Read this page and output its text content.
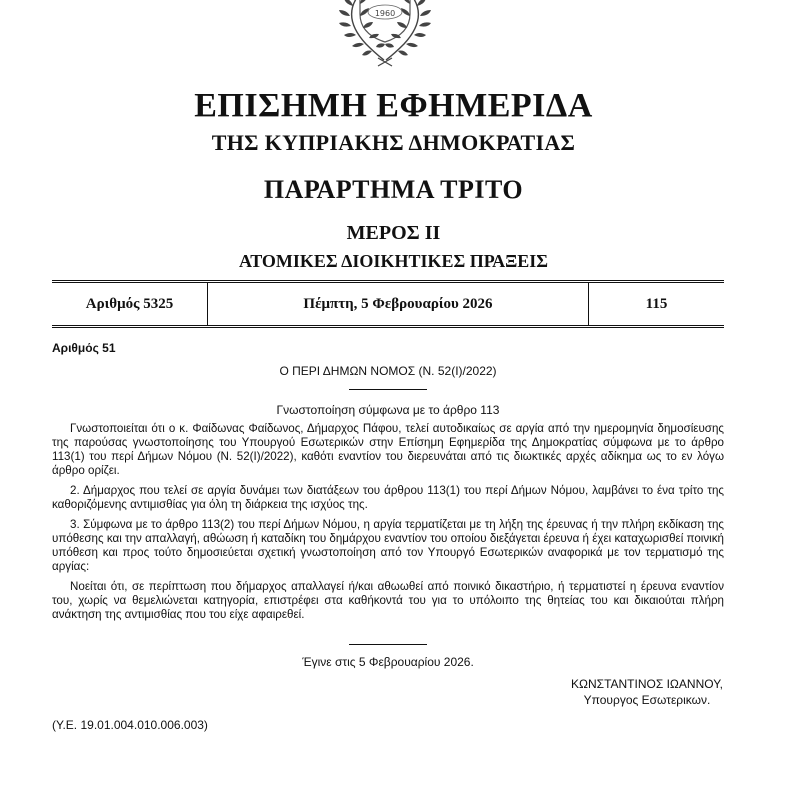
1960
ΕΠΙΣΗΜΗ ΕΦΗΜΕΡΙΔΑ
ΤΗΣ ΚΥΠΡΙΑΚΗΣ ΔΗΜΟΚΡΑΤΙΑΣ
ΠΑΡΑΡΤΗΜΑ ΤΡΙΤΟ
ΜΕΡΟΣ ΙΙ
ΑΤΟΜΙΚΕΣ ΔΙΟΙΚΗΤΙΚΕΣ ΠΡΑΞΕΙΣ
Αριθμός 5325	Πέμπτη, 5 Φεβρουαρίου 2026	115
Αριθμός 51
Ο ΠΕΡΙ ΔΗΜΩΝ ΝΟΜΟΣ (Ν. 52(Ι)/2022)
Γνωστοποίηση σύμφωνα με το άρθρο 113

Γνωστοποιείται ότι ο κ. Φαίδωνας Φαίδωνος, Δήμαρχος Πάφου, τελεί αυτοδικαίως σε αργία από την ημερομηνία δημοσίευσης της παρούσας γνωστοποίησης του Υπουργού Εσωτερικών στην Επίσημη Εφημερίδα της Δημοκρατίας σύμφωνα με το άρθρο 113(1) του περί Δήμων Νόμου (Ν. 52(Ι)/2022), καθότι εναντίον του διερευνάται από τις διωκτικές αρχές αδίκημα ως το εν λόγω άρθρο ορίζει.

2. Δήμαρχος που τελεί σε αργία δυνάμει των διατάξεων του άρθρου 113(1) του περί Δήμων Νόμου, λαμβάνει το ένα τρίτο της καθοριζόμενης αντιμισθίας για όλη τη διάρκεια της ισχύος της.

3. Σύμφωνα με το άρθρο 113(2) του περί Δήμων Νόμου, η αργία τερματίζεται με τη λήξη της έρευνας ή την πλήρη εκδίκαση της υπόθεσης και την απαλλαγή, αθώωση ή καταδίκη του δημάρχου εναντίον του οποίου διεξάγεται έρευνα ή έχει καταχωρισθεί ποινική υπόθεση και προς τούτο δημοσιεύεται σχετική γνωστοποίηση από τον Υπουργό Εσωτερικών αναφορικά με τον τερματισμό της αργίας:

Νοείται ότι, σε περίπτωση που δήμαρχος απαλλαγεί ή/και αθωωθεί από ποινικό δικαστήριο, ή τερματιστεί η έρευνα εναντίον του, χωρίς να θεμελιώνεται κατηγορία, επιστρέφει στα καθήκοντά του για το υπόλοιπο της θητείας του και δικαιούται πλήρη ανάκτηση της αντιμισθίας που του είχε αφαιρεθεί.

Έγινε στις 5 Φεβρουαρίου 2026.
ΚΩΝΣΤΑΝΤΙΝΟΣ ΙΩΑΝΝΟΥ,
Υπουργος Εσωτερικων.
(Υ.Ε. 19.01.004.010.006.003)
